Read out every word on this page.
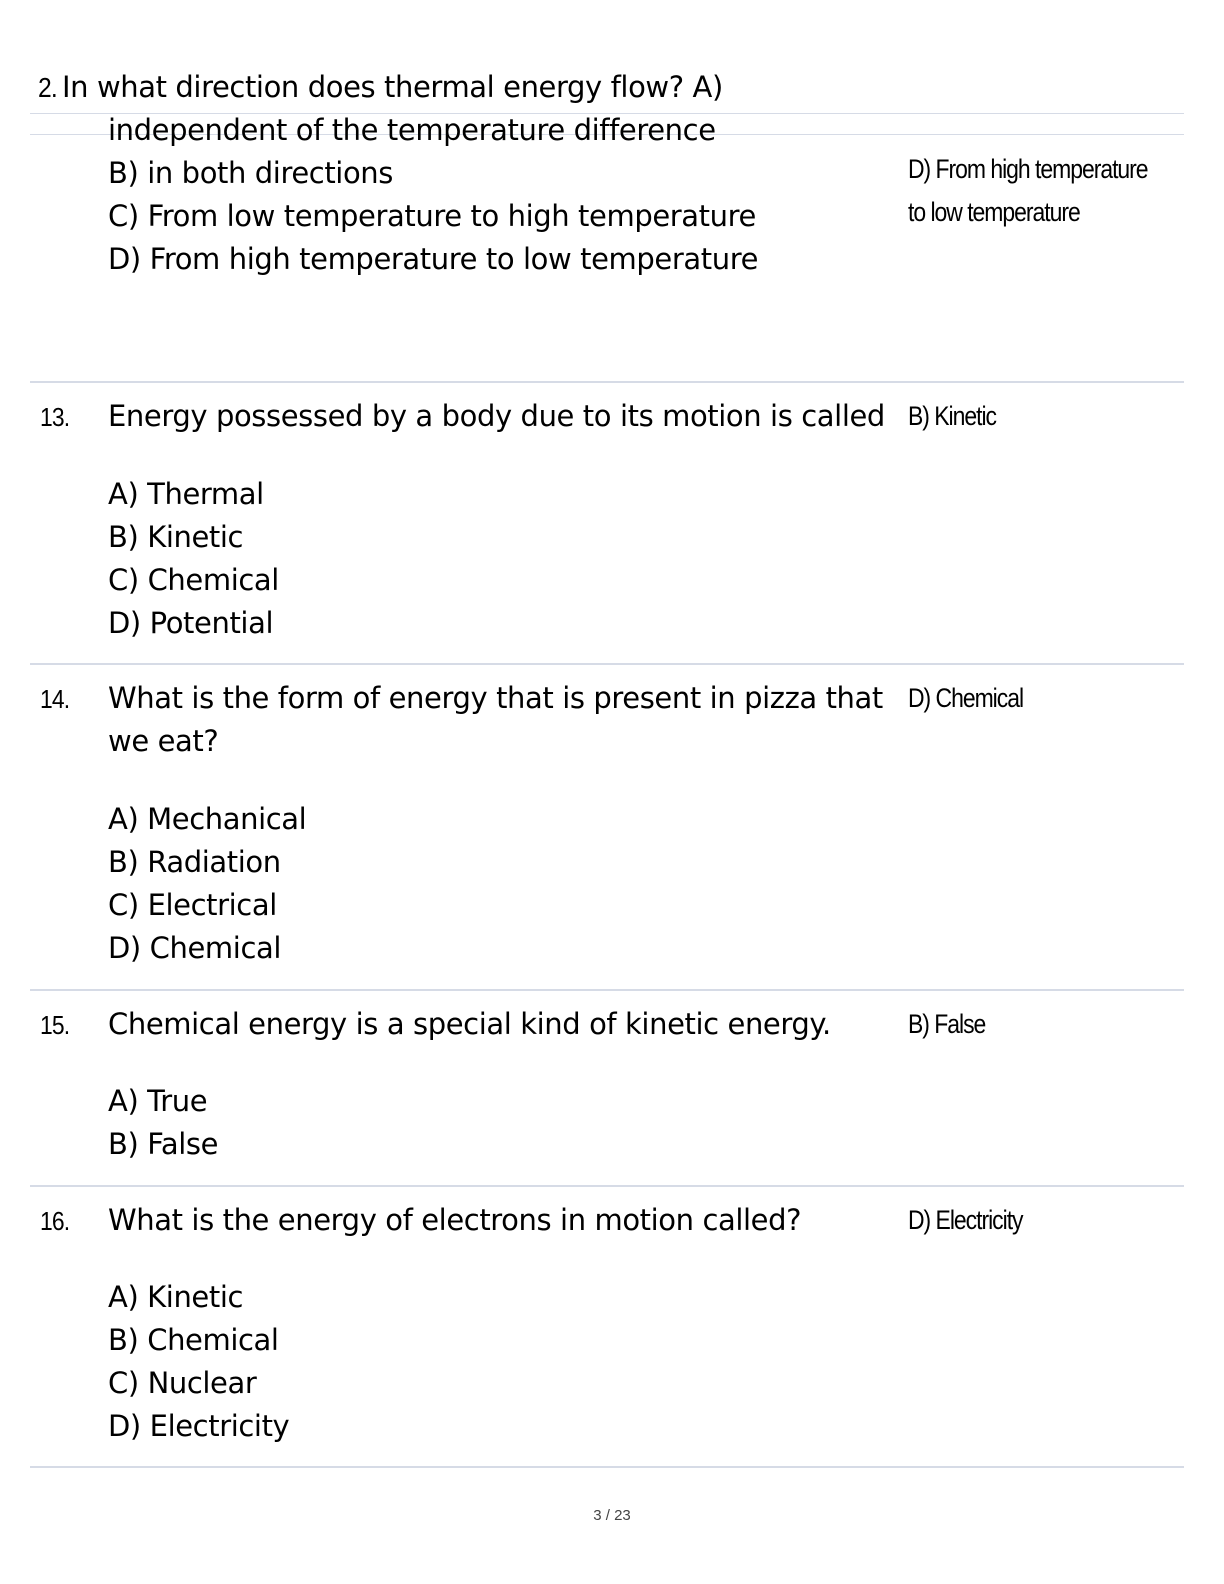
2. In what direction does thermal energy flow? A)
independent of the temperature difference
B) in both directions
C) From low temperature to high temperature
D) From high temperature to low temperature
D) From high temperature
to low temperature
13. Energy possessed by a body due to its motion is called B) Kinetic
A) Thermal
B) Kinetic
C) Chemical
D) Potential
14. What is the form of energy that is present in pizza that
we eat?
D) Chemical
A) Mechanical
B) Radiation
C) Electrical
D) Chemical
15. Chemical energy is a special kind of kinetic energy.	B) False
A) True
B) False
16. What is the energy of electrons in motion called?	D) Electricity
A) Kinetic
B) Chemical
C) Nuclear
D) Electricity
3 / 23
